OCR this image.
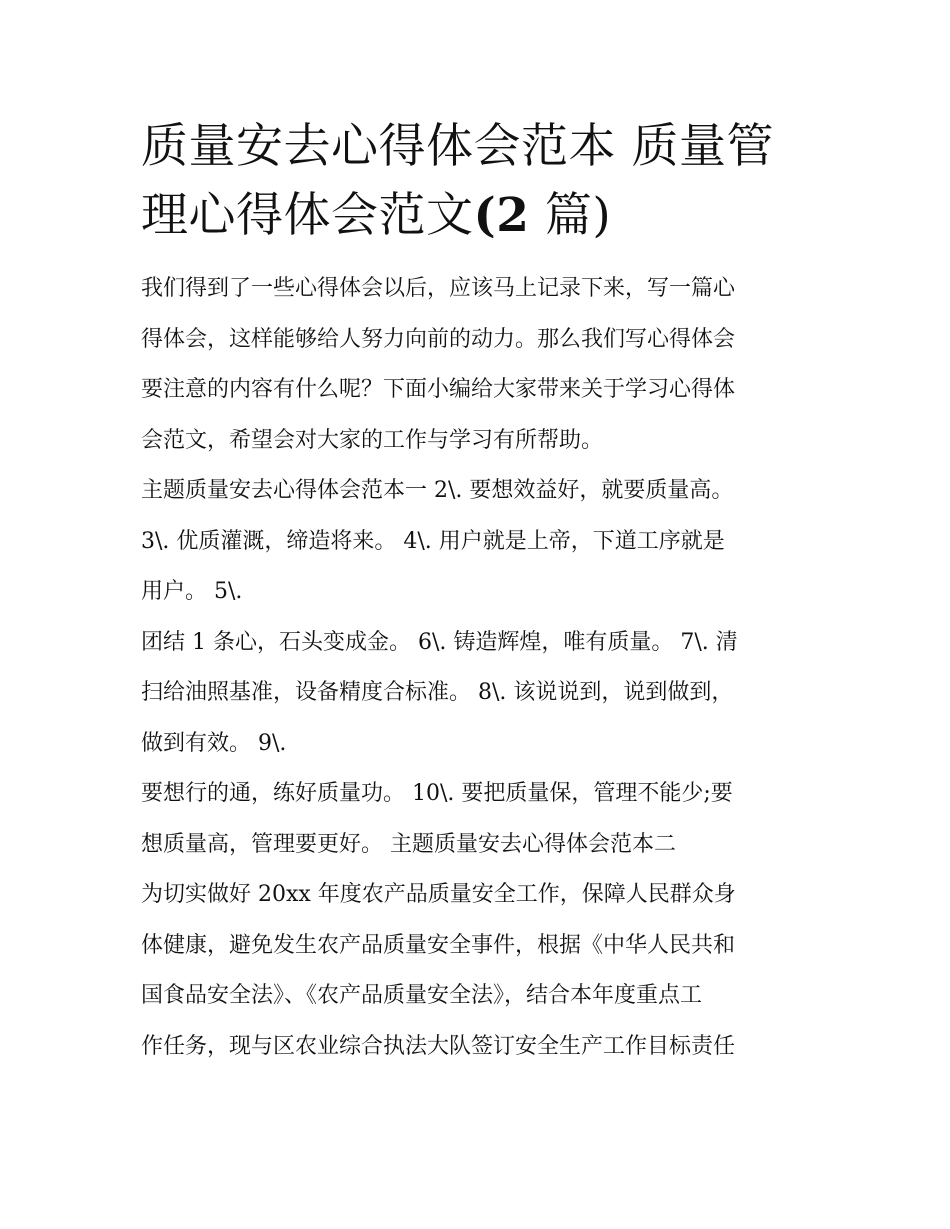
质量安去心得体会范本 质量管
理心得体会范文(2 篇)

我们得到了一些心得体会以后，应该马上记录下来，写一篇心
得体会，这样能够给人努力向前的动力。那么我们写心得体会
要注意的内容有什么呢？下面小编给大家带来关于学习心得体
会范文，希望会对大家的工作与学习有所帮助。

主题质量安去心得体会范本一 2\. 要想效益好，就要质量高。
3\. 优质灌溉，缔造将来。 4\. 用户就是上帝，下道工序就是
用户。 5\.

团结 1 条心，石头变成金。 6\. 铸造辉煌，唯有质量。 7\. 清
扫给油照基准，设备精度合标准。 8\. 该说说到，说到做到，
做到有效。 9\.

要想行的通，练好质量功。 10\. 要把质量保，管理不能少;要
想质量高，管理要更好。 主题质量安去心得体会范本二

为切实做好 20xx 年度农产品质量安全工作，保障人民群众身
体健康，避免发生农产品质量安全事件，根据《中华人民共和
国食品安全法》、《农产品质量安全法》，结合本年度重点工
作任务，现与区农业综合执法大队签订安全生产工作目标责任
